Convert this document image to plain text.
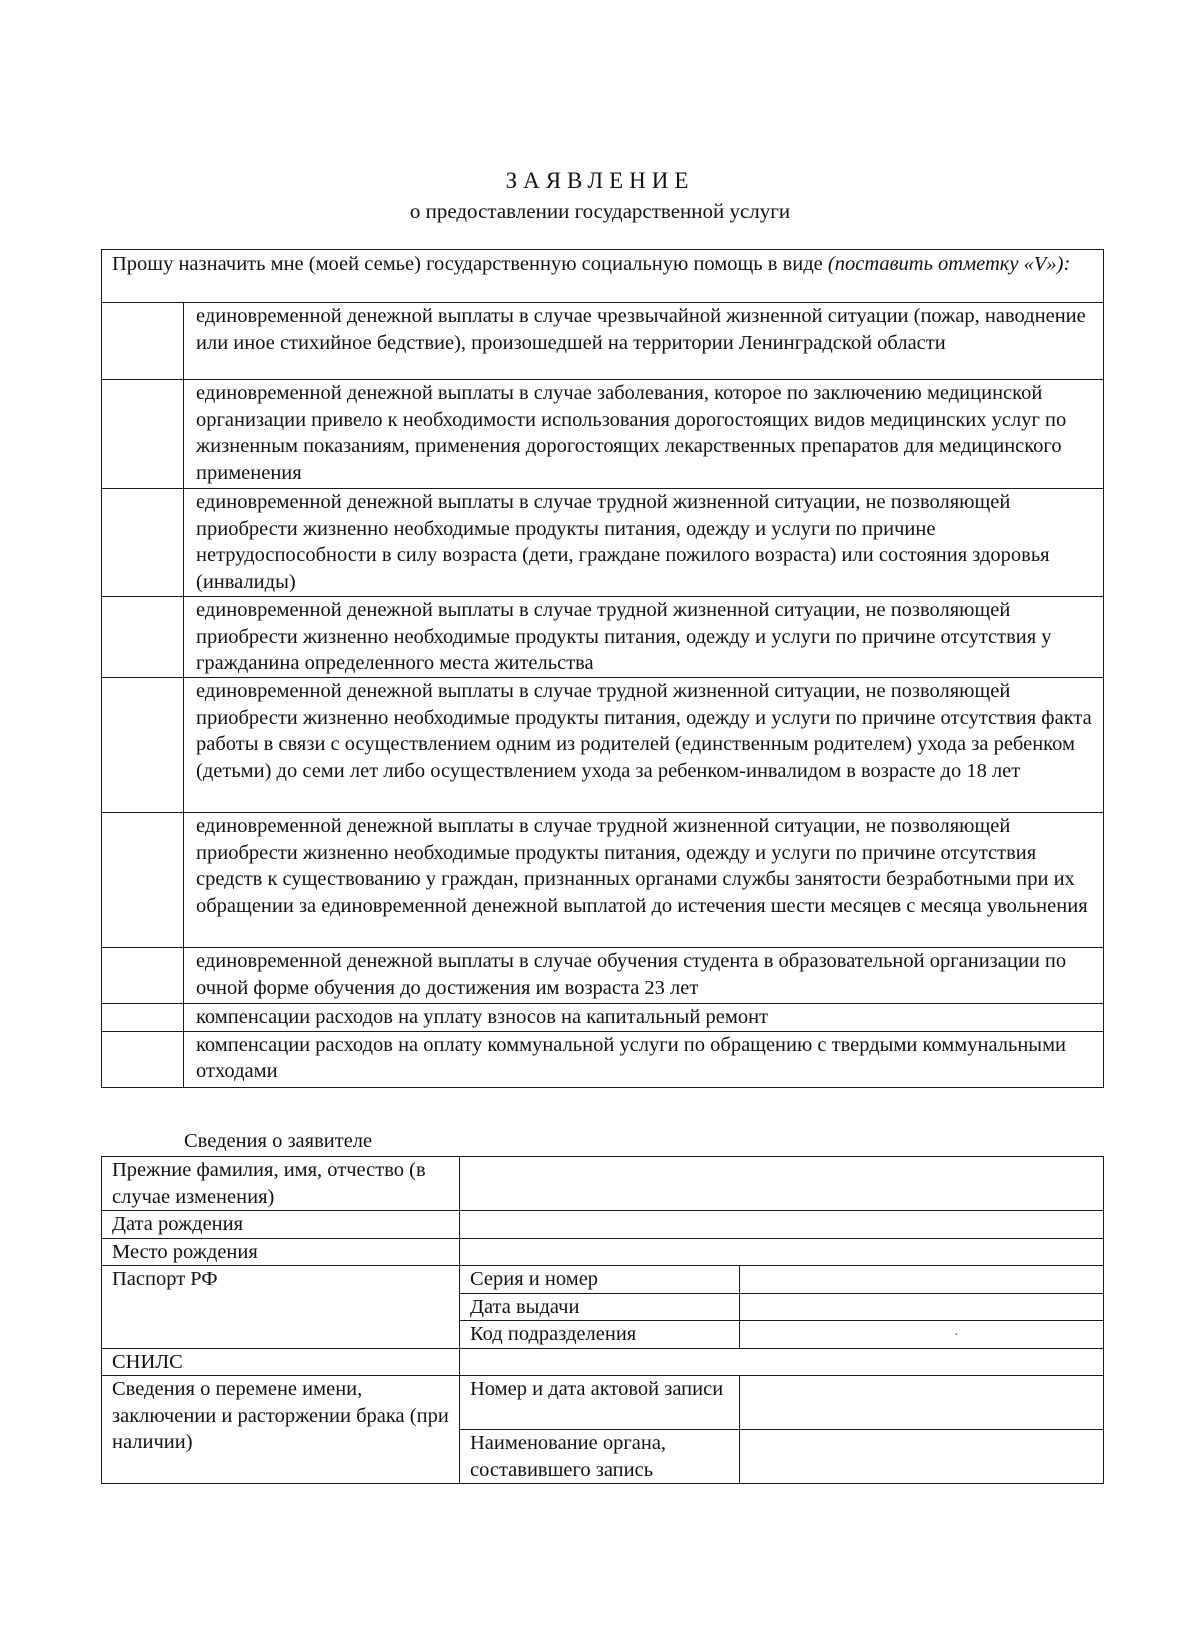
ЗАЯВЛЕНИЕ
о предоставлении государственной услуги
Прошу назначить мне (моей семье) государственную социальную помощь в виде (поставить отметку «V»):	
	единовременной денежной выплаты в случае чрезвычайной жизненной ситуации (пожар, наводнение или иное стихийное бедствие), произошедшей на территории Ленинградской области
	единовременной денежной выплаты в случае заболевания, которое по заключению медицинской организации привело к необходимости использования дорогостоящих видов медицинских услуг по жизненным показаниям, применения дорогостоящих лекарственных препаратов для медицинского применения
	единовременной денежной выплаты в случае трудной жизненной ситуации, не позволяющей приобрести жизненно необходимые продукты питания, одежду и услуги по причине нетрудоспособности в силу возраста (дети, граждане пожилого возраста) или состояния здоровья (инвалиды)
	единовременной денежной выплаты в случае трудной жизненной ситуации, не позволяющей приобрести жизненно необходимые продукты питания, одежду и услуги по причине отсутствия у гражданина определенного места жительства
	единовременной денежной выплаты в случае трудной жизненной ситуации, не позволяющей приобрести жизненно необходимые продукты питания, одежду и услуги по причине отсутствия факта работы в связи с осуществлением одним из родителей (единственным родителем) ухода за ребенком (детьми) до семи лет либо осуществлением ухода за ребенком-инвалидом в возрасте до 18 лет
	единовременной денежной выплаты в случае трудной жизненной ситуации, не позволяющей приобрести жизненно необходимые продукты питания, одежду и услуги по причине отсутствия средств к существованию у граждан, признанных органами службы занятости безработными при их обращении за единовременной денежной выплатой до истечения шести месяцев с месяца увольнения
	единовременной денежной выплаты в случае обучения студента в образовательной организации по очной форме обучения до достижения им возраста 23 лет
	компенсации расходов на уплату взносов на капитальный ремонт
	компенсации расходов на оплату коммунальной услуги по обращению с твердыми коммунальными отходами
Сведения о заявителе
Прежние фамилия, имя, отчество (в случае изменения)		
Дата рождения		
Место рождения		
Паспорт РФ	Серия и номер	
	Дата выдачи	
	Код подразделения	
СНИЛС		
Сведения о перемене имени, заключении и расторжении брака (при наличии)	Номер и дата актовой записи	
	Наименование органа, составившего запись	
·
